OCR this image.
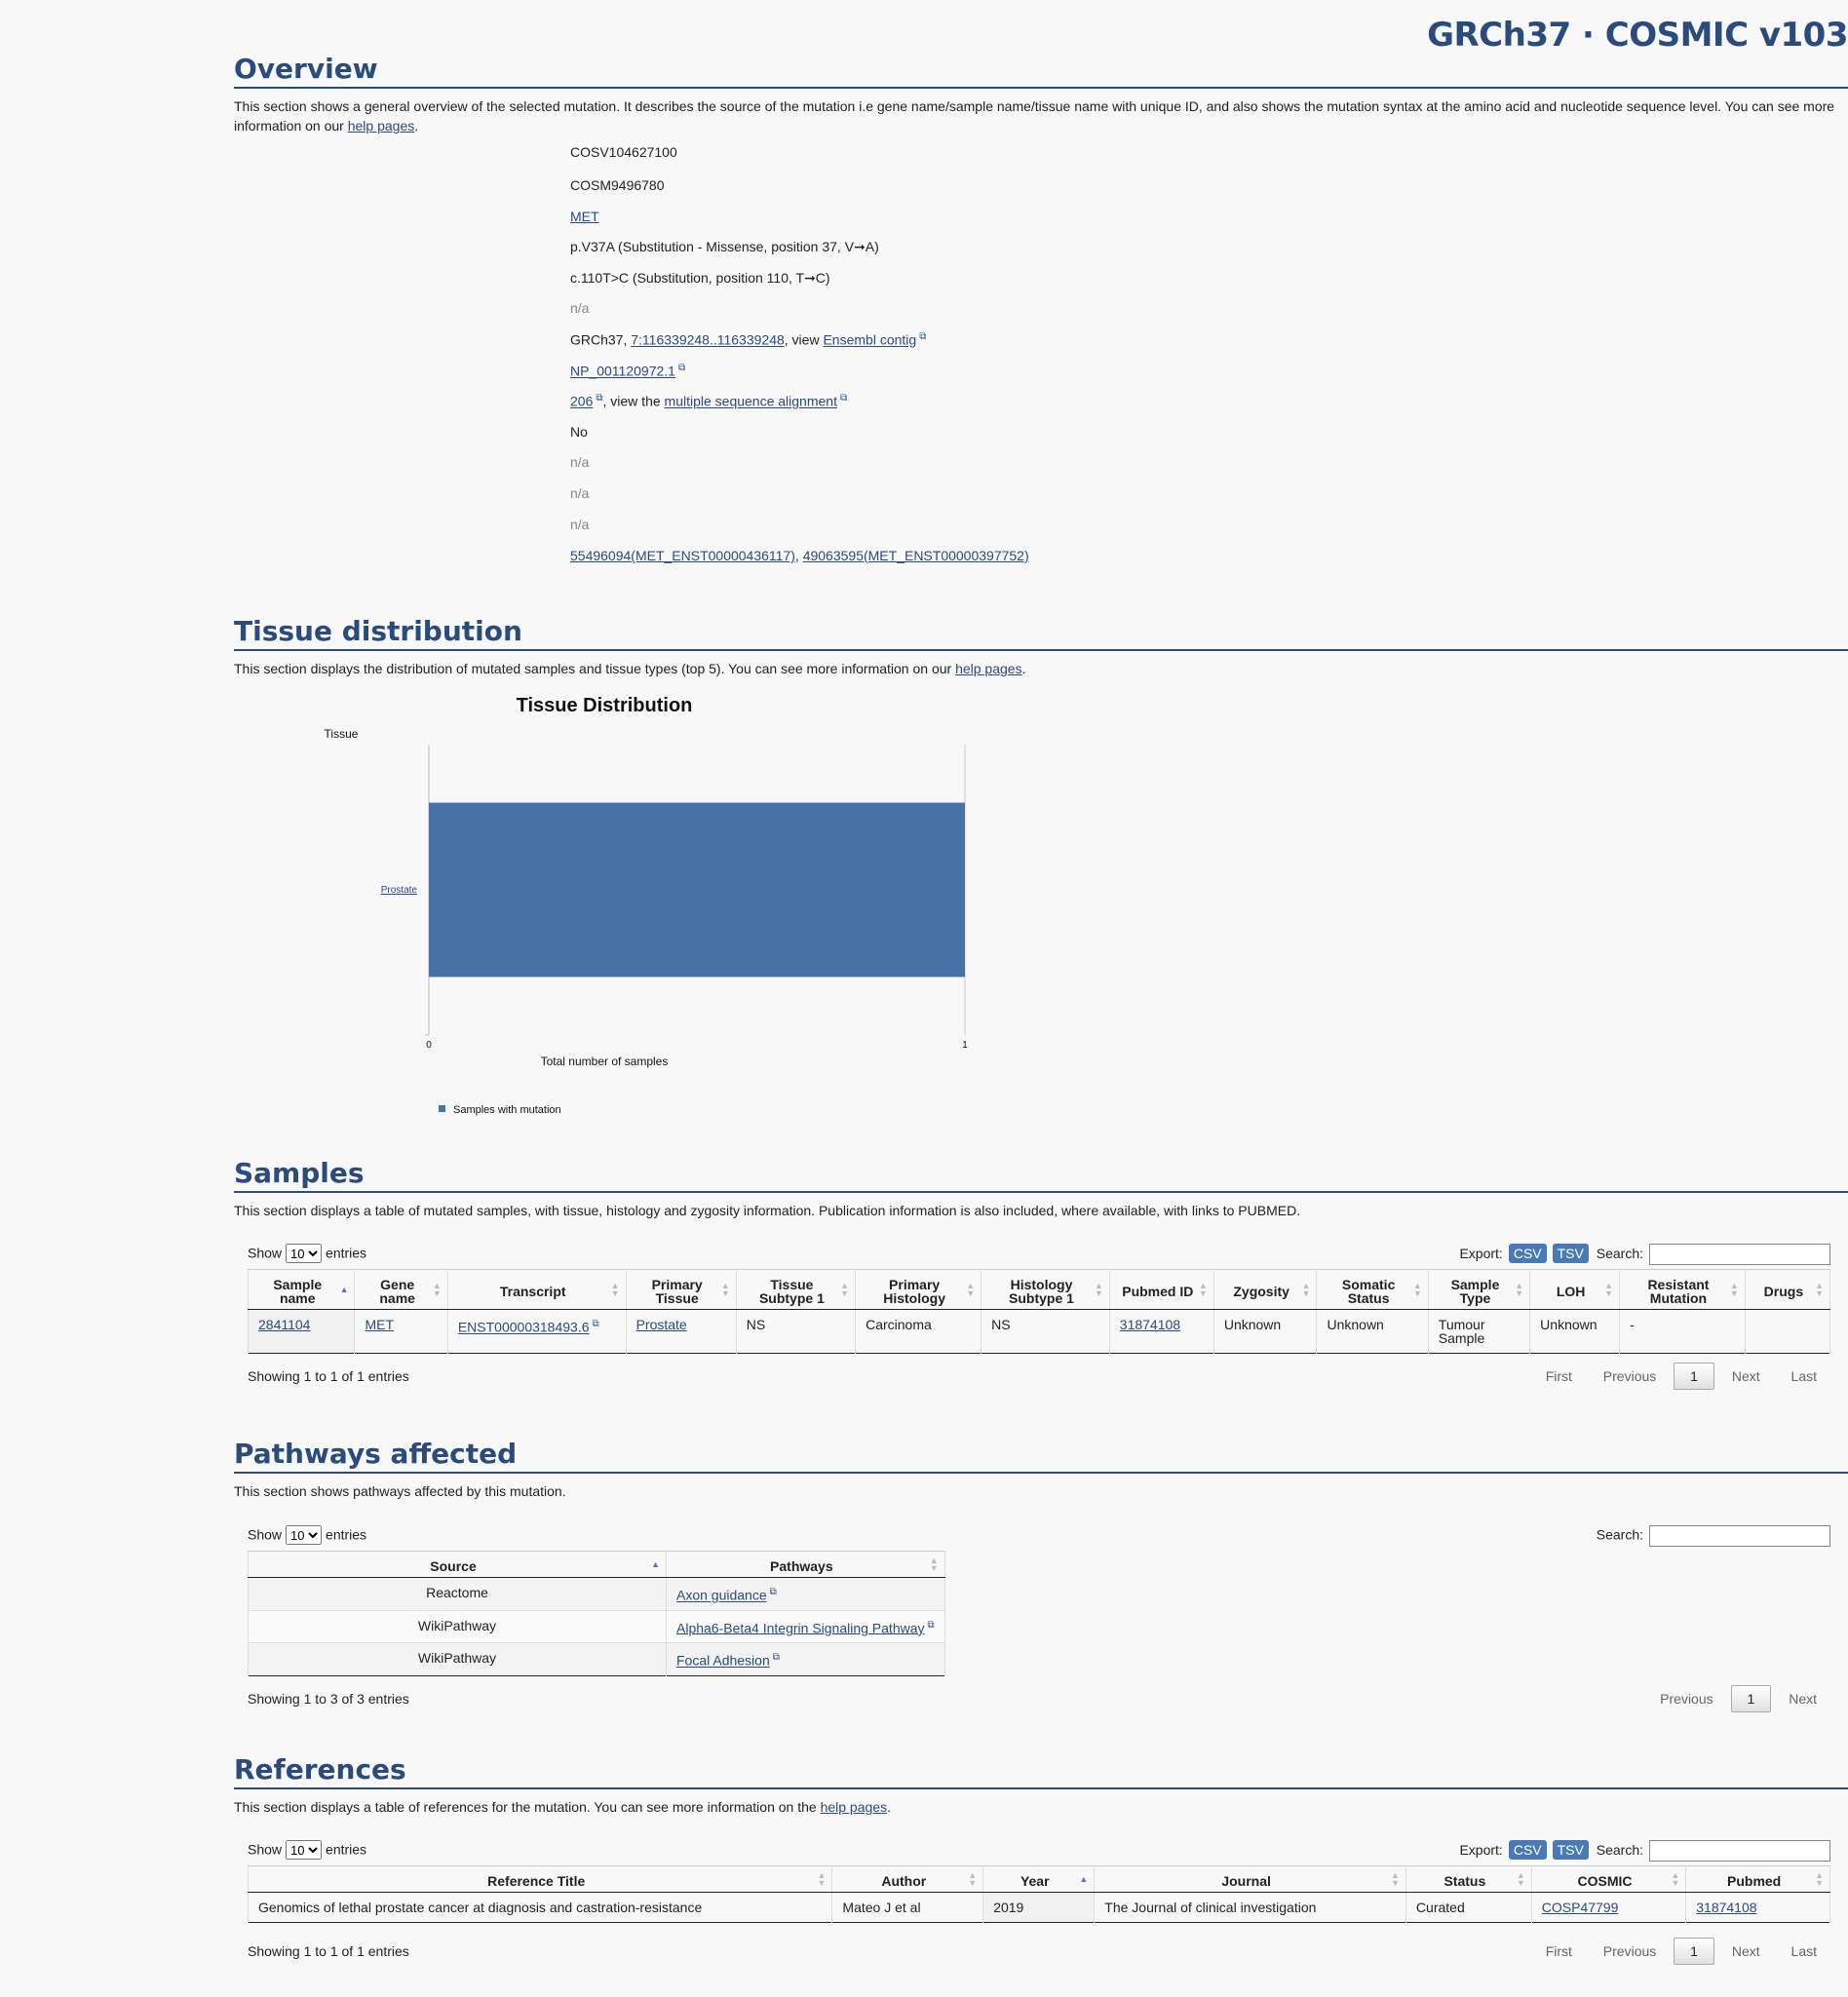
GRCh37 · COSMIC v103
Overview

This section shows a general overview of the selected mutation. It describes the source of the mutation i.e gene name/sample name/tissue name with unique ID, and also shows the mutation syntax at the amino acid and nucleotide sequence level. You can see more information on our help pages.

COSV104627100
COSM9496780
MET
p.V37A (Substitution - Missense, position 37, V➞A)
c.110T>C (Substitution, position 110, T➞C)
n/a
GRCh37, 7:116339248..116339248, view Ensembl contig ⧉
NP_001120972.1 ⧉
206 ⧉, view the multiple sequence alignment ⧉
No
n/a
n/a
n/a
55496094(MET_ENST00000436117), 49063595(MET_ENST00000397752)
Tissue distribution

This section displays the distribution of mutated samples and tissue types (top 5). You can see more information on our help pages.

Tissue Distribution
Tissue
Total number of samples
Prostate
0	1
Samples with mutation
Samples

This section displays a table of mutated samples, with tissue, histology and zygosity information. Publication information is also included, where available, with links to PUBMED.

Show
10	entries	Export: CSV TSV Search:
Sample name
▲	Gene name
▲
▼	Transcript ▲
▼	Primary Tissue
▲
▼	Tissue Subtype 1
▲
▼	Primary Histology
▲
▼	Histology Subtype 1
▲
▼	Pubmed ID ▲
▼	Zygosity ▲
▼	Somatic Status
▲
▼	Sample Type
▲
▼	LOH ▲
▼	Resistant Mutation
▲
▼	Drugs ▲
▼

2841104	MET	ENST00000318493.6 ⧉	Prostate	NS	Carcinoma	NS	31874108	Unknown	Unknown	Tumour Sample	Unknown	-	
Showing 1 to 1 of 1 entries	First Previous 1 Next Last
Pathways affected

This section shows pathways affected by this mutation.

Show
10	entries	Search:
Source ▲	Pathways ▲
▼

Reactome	Axon guidance ⧉
WikiPathway	Alpha6-Beta4 Integrin Signaling Pathway ⧉
WikiPathway	Focal Adhesion ⧉
Showing 1 to 3 of 3 entries	Previous 1 Next
References

This section displays a table of references for the mutation. You can see more information on the help pages.

Show
10	entries	Export: CSV TSV Search:
Reference Title ▲
▼	Author ▲
▼	Year ▲	Journal ▲
▼	Status ▲
▼	COSMIC ▲
▼	Pubmed ▲
▼

Genomics of lethal prostate cancer at diagnosis and castration-resistance	Mateo J et al	2019	The Journal of clinical investigation	Curated	COSP47799	31874108
Showing 1 to 1 of 1 entries	First Previous 1 Next Last
